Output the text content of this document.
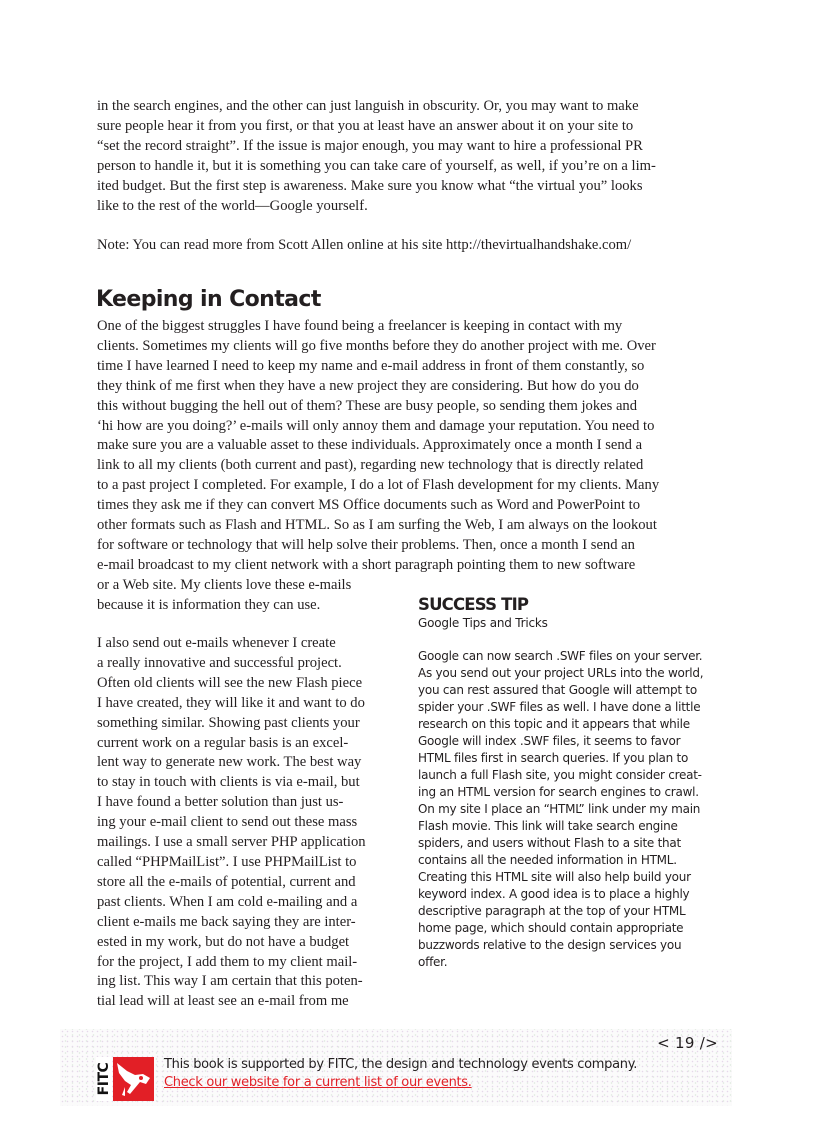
in the search engines, and the other can just languish in obscurity. Or, you may want to make
sure people hear it from you first, or that you at least have an answer about it on your site to
“set the record straight”. If the issue is major enough, you may want to hire a professional PR
person to handle it, but it is something you can take care of yourself, as well, if you’re on a lim-
ited budget. But the first step is awareness. Make sure you know what “the virtual you” looks
like to the rest of the world—Google yourself.
Note: You can read more from Scott Allen online at his site http://thevirtualhandshake.com/
Keeping in Contact
One of the biggest struggles I have found being a freelancer is keeping in contact with my
clients. Sometimes my clients will go five months before they do another project with me. Over
time I have learned I need to keep my name and e-mail address in front of them constantly, so
they think of me first when they have a new project they are considering. But how do you do
this without bugging the hell out of them? These are busy people, so sending them jokes and
‘hi how are you doing?’ e-mails will only annoy them and damage your reputation. You need to
make sure you are a valuable asset to these individuals. Approximately once a month I send a
link to all my clients (both current and past), regarding new technology that is directly related
to a past project I completed. For example, I do a lot of Flash development for my clients. Many
times they ask me if they can convert MS Office documents such as Word and PowerPoint to
other formats such as Flash and HTML. So as I am surfing the Web, I am always on the lookout
for software or technology that will help solve their problems. Then, once a month I send an
e-mail broadcast to my client network with a short paragraph pointing them to new software
or a Web site. My clients love these e-mails
because it is information they can use.
I also send out e-mails whenever I create
a really innovative and successful project.
Often old clients will see the new Flash piece
I have created, they will like it and want to do
something similar. Showing past clients your
current work on a regular basis is an excel-
lent way to generate new work. The best way
to stay in touch with clients is via e-mail, but
I have found a better solution than just us-
ing your e-mail client to send out these mass
mailings. I use a small server PHP application
called “PHPMailList”. I use PHPMailList to
store all the e-mails of potential, current and
past clients. When I am cold e-mailing and a
client e-mails me back saying they are inter-
ested in my work, but do not have a budget
for the project, I add them to my client mail-
ing list. This way I am certain that this poten-
tial lead will at least see an e-mail from me
SUCCESS TIP

Google Tips and Tricks

Google can now search .SWF files on your server.
As you send out your project URLs into the world,
you can rest assured that Google will attempt to
spider your .SWF files as well. I have done a little
research on this topic and it appears that while
Google will index .SWF files, it seems to favor
HTML files first in search queries. If you plan to
launch a full Flash site, you might consider creat-
ing an HTML version for search engines to crawl.
On my site I place an “HTML” link under my main
Flash movie. This link will take search engine
spiders, and users without Flash to a site that
contains all the needed information in HTML.
Creating this HTML site will also help build your
keyword index. A good idea is to place a highly
descriptive paragraph at the top of your HTML
home page, which should contain appropriate
buzzwords relative to the design services you
offer.
< 19 />
FITC	This book is supported by FITC, the design and technology events company.
Check our website for a current list of our events.
